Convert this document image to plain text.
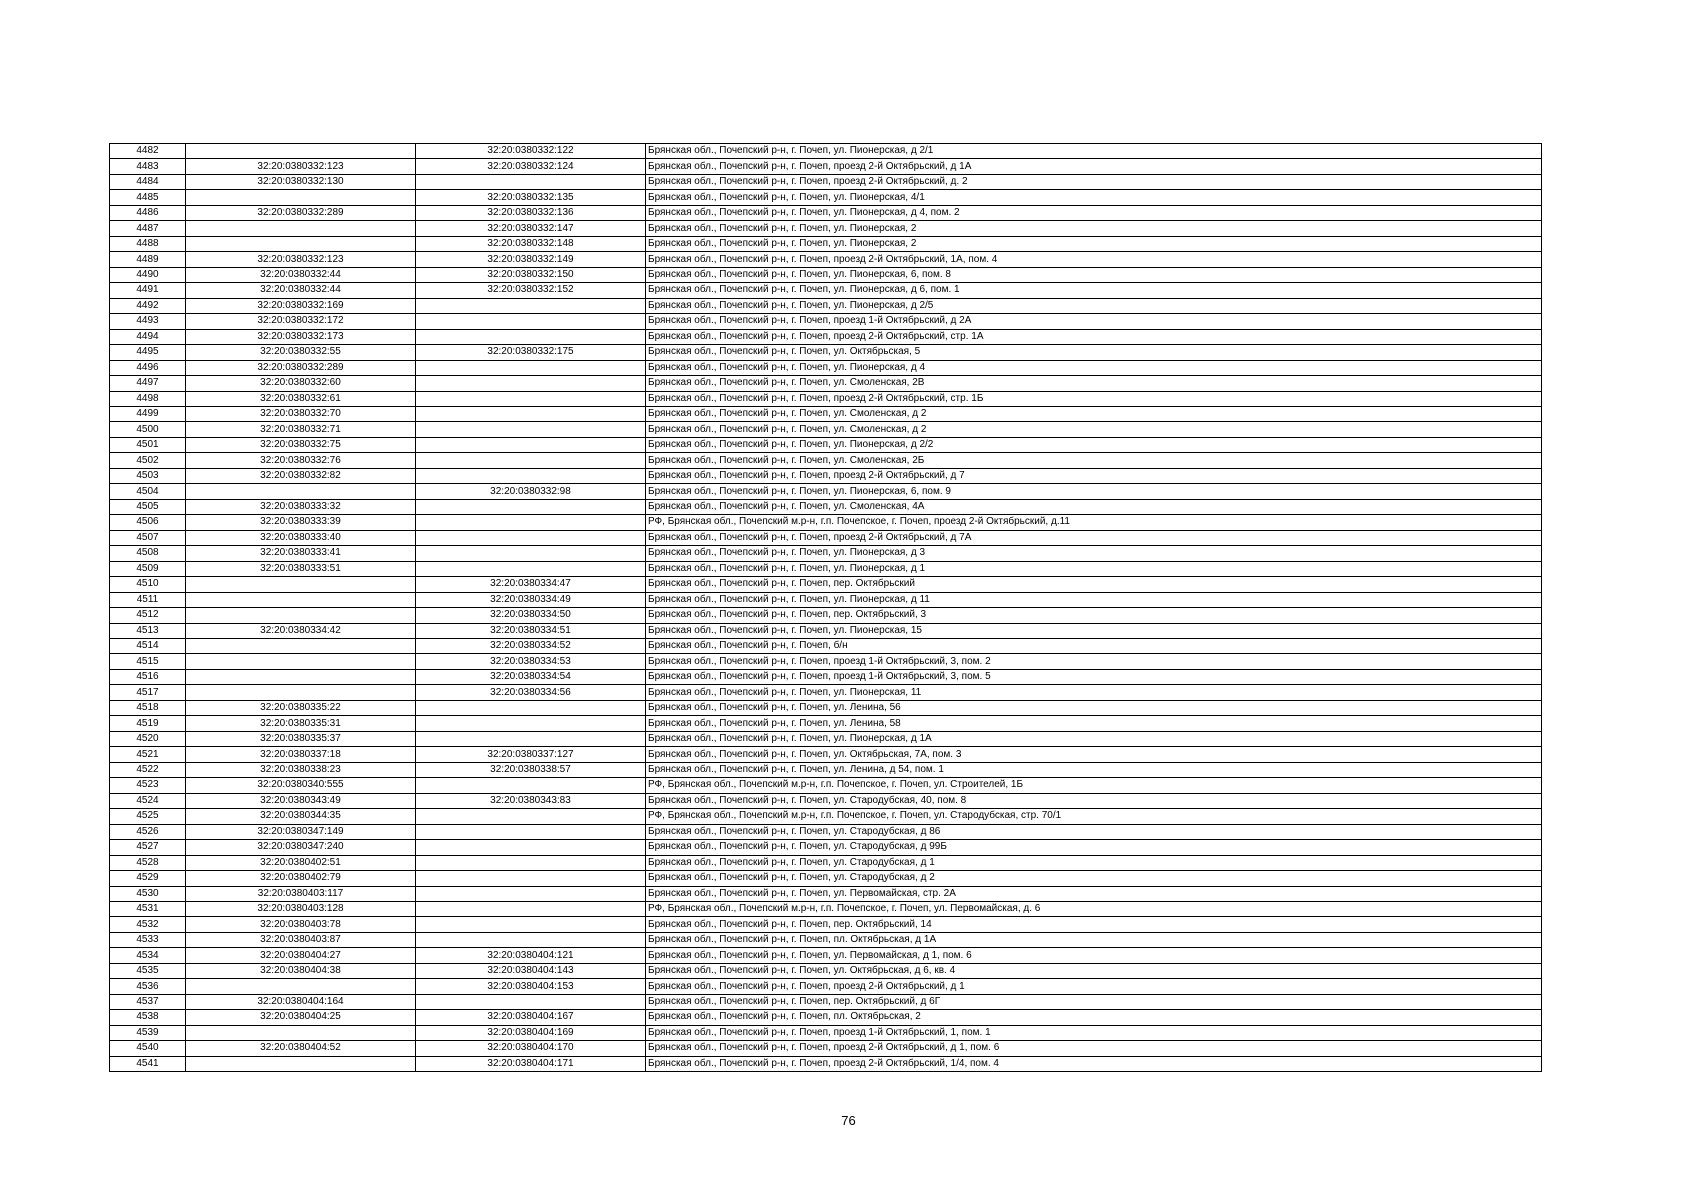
4482		32:20:0380332:122	Брянская обл., Почепский р-н, г. Почеп, ул. Пионерская, д 2/1
4483	32:20:0380332:123	32:20:0380332:124	Брянская обл., Почепский р-н, г. Почеп, проезд 2-й Октябрьский, д 1А
4484	32:20:0380332:130		Брянская обл., Почепский р-н, г. Почеп, проезд 2-й Октябрьский, д. 2
4485		32:20:0380332:135	Брянская обл., Почепский р-н, г. Почеп, ул. Пионерская, 4/1
4486	32:20:0380332:289	32:20:0380332:136	Брянская обл., Почепский р-н, г. Почеп, ул. Пионерская, д 4, пом. 2
4487		32:20:0380332:147	Брянская обл., Почепский р-н, г. Почеп, ул. Пионерская, 2
4488		32:20:0380332:148	Брянская обл., Почепский р-н, г. Почеп, ул. Пионерская, 2
4489	32:20:0380332:123	32:20:0380332:149	Брянская обл., Почепский р-н, г. Почеп, проезд 2-й Октябрьский, 1А, пом. 4
4490	32:20:0380332:44	32:20:0380332:150	Брянская обл., Почепский р-н, г. Почеп, ул. Пионерская, 6, пом. 8
4491	32:20:0380332:44	32:20:0380332:152	Брянская обл., Почепский р-н, г. Почеп, ул. Пионерская, д 6, пом. 1
4492	32:20:0380332:169		Брянская обл., Почепский р-н, г. Почеп, ул. Пионерская, д 2/5
4493	32:20:0380332:172		Брянская обл., Почепский р-н, г. Почеп, проезд 1-й Октябрьский, д 2А
4494	32:20:0380332:173		Брянская обл., Почепский р-н, г. Почеп, проезд 2-й Октябрьский, стр. 1А
4495	32:20:0380332:55	32:20:0380332:175	Брянская обл., Почепский р-н, г. Почеп, ул. Октябрьская, 5
4496	32:20:0380332:289		Брянская обл., Почепский р-н, г. Почеп, ул. Пионерская, д 4
4497	32:20:0380332:60		Брянская обл., Почепский р-н, г. Почеп, ул. Смоленская, 2В
4498	32:20:0380332:61		Брянская обл., Почепский р-н, г. Почеп, проезд 2-й Октябрьский, стр. 1Б
4499	32:20:0380332:70		Брянская обл., Почепский р-н, г. Почеп, ул. Смоленская, д 2
4500	32:20:0380332:71		Брянская обл., Почепский р-н, г. Почеп, ул. Смоленская, д 2
4501	32:20:0380332:75		Брянская обл., Почепский р-н, г. Почеп, ул. Пионерская, д 2/2
4502	32:20:0380332:76		Брянская обл., Почепский р-н, г. Почеп, ул. Смоленская, 2Б
4503	32:20:0380332:82		Брянская обл., Почепский р-н, г. Почеп, проезд 2-й Октябрьский, д 7
4504		32:20:0380332:98	Брянская обл., Почепский р-н, г. Почеп, ул. Пионерская, 6, пом. 9
4505	32:20:0380333:32		Брянская обл., Почепский р-н, г. Почеп, ул. Смоленская, 4А
4506	32:20:0380333:39		РФ, Брянская обл., Почепский м.р-н, г.п. Почепское, г. Почеп, проезд 2-й Октябрьский, д.11
4507	32:20:0380333:40		Брянская обл., Почепский р-н, г. Почеп, проезд 2-й Октябрьский, д 7А
4508	32:20:0380333:41		Брянская обл., Почепский р-н, г. Почеп, ул. Пионерская, д 3
4509	32:20:0380333:51		Брянская обл., Почепский р-н, г. Почеп, ул. Пионерская, д 1
4510		32:20:0380334:47	Брянская обл., Почепский р-н, г. Почеп, пер. Октябрьский
4511		32:20:0380334:49	Брянская обл., Почепский р-н, г. Почеп, ул. Пионерская, д 11
4512		32:20:0380334:50	Брянская обл., Почепский р-н, г. Почеп, пер. Октябрьский, 3
4513	32:20:0380334:42	32:20:0380334:51	Брянская обл., Почепский р-н, г. Почеп, ул. Пионерская, 15
4514		32:20:0380334:52	Брянская обл., Почепский р-н, г. Почеп, б/н
4515		32:20:0380334:53	Брянская обл., Почепский р-н, г. Почеп, проезд 1-й Октябрьский, 3, пом. 2
4516		32:20:0380334:54	Брянская обл., Почепский р-н, г. Почеп, проезд 1-й Октябрьский, 3, пом. 5
4517		32:20:0380334:56	Брянская обл., Почепский р-н, г. Почеп, ул. Пионерская, 11
4518	32:20:0380335:22		Брянская обл., Почепский р-н, г. Почеп, ул. Ленина, 56
4519	32:20:0380335:31		Брянская обл., Почепский р-н, г. Почеп, ул. Ленина, 58
4520	32:20:0380335:37		Брянская обл., Почепский р-н, г. Почеп, ул. Пионерская, д 1А
4521	32:20:0380337:18	32:20:0380337:127	Брянская обл., Почепский р-н, г. Почеп, ул. Октябрьская, 7А, пом. 3
4522	32:20:0380338:23	32:20:0380338:57	Брянская обл., Почепский р-н, г. Почеп, ул. Ленина, д 54, пом. 1
4523	32:20:0380340:555		РФ, Брянская обл., Почепский м.р-н, г.п. Почепское, г. Почеп, ул. Строителей, 1Б
4524	32:20:0380343:49	32:20:0380343:83	Брянская обл., Почепский р-н, г. Почеп, ул. Стародубская, 40, пом. 8
4525	32:20:0380344:35		РФ, Брянская обл., Почепский м.р-н, г.п. Почепское, г. Почеп, ул. Стародубская, стр. 70/1
4526	32:20:0380347:149		Брянская обл., Почепский р-н, г. Почеп, ул. Стародубская, д 86
4527	32:20:0380347:240		Брянская обл., Почепский р-н, г. Почеп, ул. Стародубская, д 99Б
4528	32:20:0380402:51		Брянская обл., Почепский р-н, г. Почеп, ул. Стародубская, д 1
4529	32:20:0380402:79		Брянская обл., Почепский р-н, г. Почеп, ул. Стародубская, д 2
4530	32:20:0380403:117		Брянская обл., Почепский р-н, г. Почеп, ул. Первомайская, стр. 2А
4531	32:20:0380403:128		РФ, Брянская обл., Почепский м.р-н, г.п. Почепское, г. Почеп, ул. Первомайская, д. 6
4532	32:20:0380403:78		Брянская обл., Почепский р-н, г. Почеп, пер. Октябрьский, 14
4533	32:20:0380403:87		Брянская обл., Почепский р-н, г. Почеп, пл. Октябрьская, д 1А
4534	32:20:0380404:27	32:20:0380404:121	Брянская обл., Почепский р-н, г. Почеп, ул. Первомайская, д 1, пом. 6
4535	32:20:0380404:38	32:20:0380404:143	Брянская обл., Почепский р-н, г. Почеп, ул. Октябрьская, д 6, кв. 4
4536		32:20:0380404:153	Брянская обл., Почепский р-н, г. Почеп, проезд 2-й Октябрьский, д 1
4537	32:20:0380404:164		Брянская обл., Почепский р-н, г. Почеп, пер. Октябрьский, д 6Г
4538	32:20:0380404:25	32:20:0380404:167	Брянская обл., Почепский р-н, г. Почеп, пл. Октябрьская, 2
4539		32:20:0380404:169	Брянская обл., Почепский р-н, г. Почеп, проезд 1-й Октябрьский, 1, пом. 1
4540	32:20:0380404:52	32:20:0380404:170	Брянская обл., Почепский р-н, г. Почеп, проезд 2-й Октябрьский, д 1, пом. 6
4541		32:20:0380404:171	Брянская обл., Почепский р-н, г. Почеп, проезд 2-й Октябрьский, 1/4, пом. 4
76
